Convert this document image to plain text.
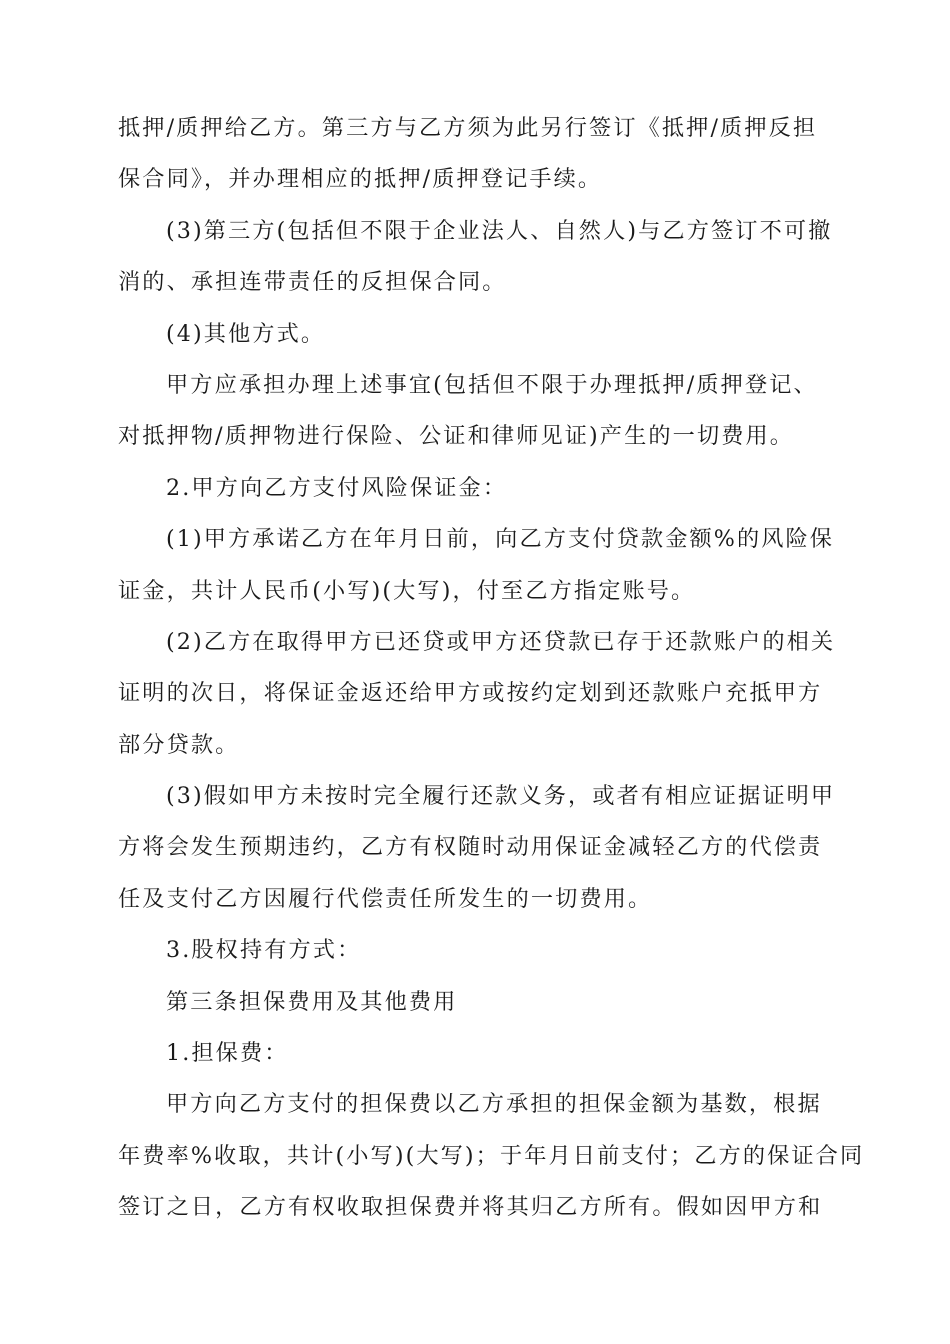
抵押/质押给乙方。第三方与乙方须为此另行签订《抵押/质押反担
保合同》，并办理相应的抵押/质押登记手续。
(3)第三方(包括但不限于企业法人、自然人)与乙方签订不可撤
消的、承担连带责任的反担保合同。
(4)其他方式。
甲方应承担办理上述事宜(包括但不限于办理抵押/质押登记、
对抵押物/质押物进行保险、公证和律师见证)产生的一切费用。
2.甲方向乙方支付风险保证金：
(1)甲方承诺乙方在年月日前，向乙方支付贷款金额%的风险保
证金，共计人民币(小写)(大写)，付至乙方指定账号。
(2)乙方在取得甲方已还贷或甲方还贷款已存于还款账户的相关
证明的次日，将保证金返还给甲方或按约定划到还款账户充抵甲方
部分贷款。
(3)假如甲方未按时完全履行还款义务，或者有相应证据证明甲
方将会发生预期违约，乙方有权随时动用保证金减轻乙方的代偿责
任及支付乙方因履行代偿责任所发生的一切费用。
3.股权持有方式：
第三条担保费用及其他费用
1.担保费：
甲方向乙方支付的担保费以乙方承担的担保金额为基数，根据
年费率%收取，共计(小写)(大写)；于年月日前支付；乙方的保证合同
签订之日，乙方有权收取担保费并将其归乙方所有。假如因甲方和
